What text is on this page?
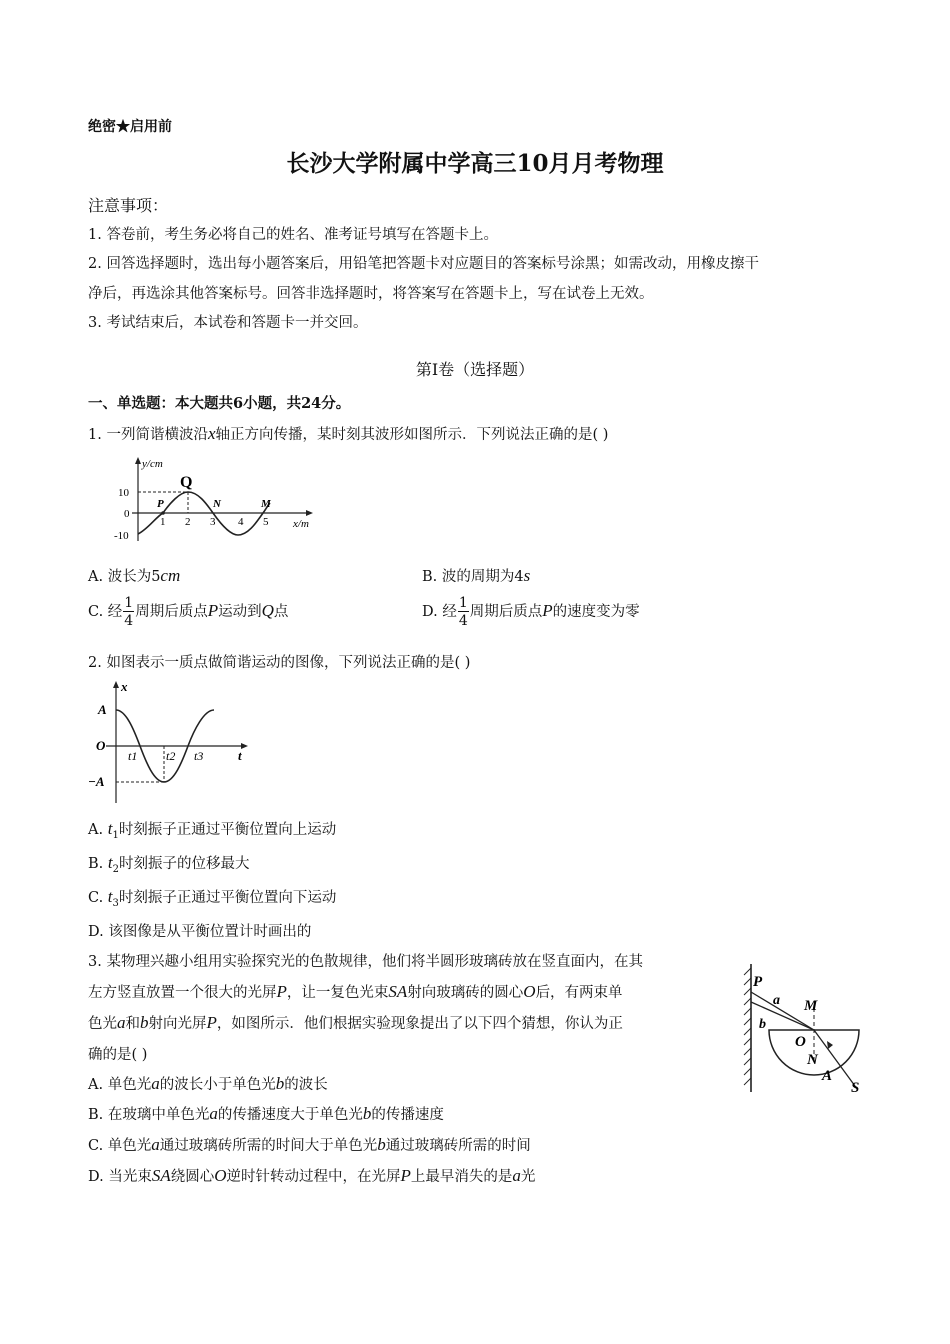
绝密★启用前
长沙大学附属中学高三10月月考物理
注意事项：
1. 答卷前，考生务必将自己的姓名、准考证号填写在答题卡上。
2. 回答选择题时，选出每小题答案后，用铅笔把答题卡对应题目的答案标号涂黑；如需改动，用橡皮擦干
净后，再选涂其他答案标号。回答非选择题时，将答案写在答题卡上，写在试卷上无效。
3. 考试结束后，本试卷和答题卡一并交回。
第I卷（选择题）
一、单选题：本大题共6小题，共24分。
1. 一列简谐横波沿x轴正方向传播，某时刻其波形如图所示．下列说法正确的是( )
y/cm
x/m
10
0
-10
P
Q
N	M
1 2 3 4 5
A. 波长为5cm	B. 波的周期为4s
C. 经 $\frac{1}{4}$ 周期后质点P运动到Q点	D. 经 $\frac{1}{4}$ 周期后质点P的速度变为零
2. 如图表示一质点做简谐运动的图像，下列说法正确的是( )
x
t
A
O
−A
t1 t2 t3
A. $t_1$时刻振子正通过平衡位置向上运动
B. $t_2$时刻振子的位移最大
C. $t_3$时刻振子正通过平衡位置向下运动
D. 该图像是从平衡位置计时画出的
3. 某物理兴趣小组用实验探究光的色散规律，他们将半圆形玻璃砖放在竖直面内，在其
左方竖直放置一个很大的光屏P，让一复色光束SA射向玻璃砖的圆心O后，有两束单
色光a和b射向光屏P，如图所示．他们根据实验现象提出了以下四个猜想，你认为正
确的是( )
P
a
b
M
O
N
A
S
A. 单色光a的波长小于单色光b的波长
B. 在玻璃中单色光a的传播速度大于单色光b的传播速度
C. 单色光a通过玻璃砖所需的时间大于单色光b通过玻璃砖所需的时间
D. 当光束SA绕圆心O逆时针转动过程中，在光屏P上最早消失的是a光
